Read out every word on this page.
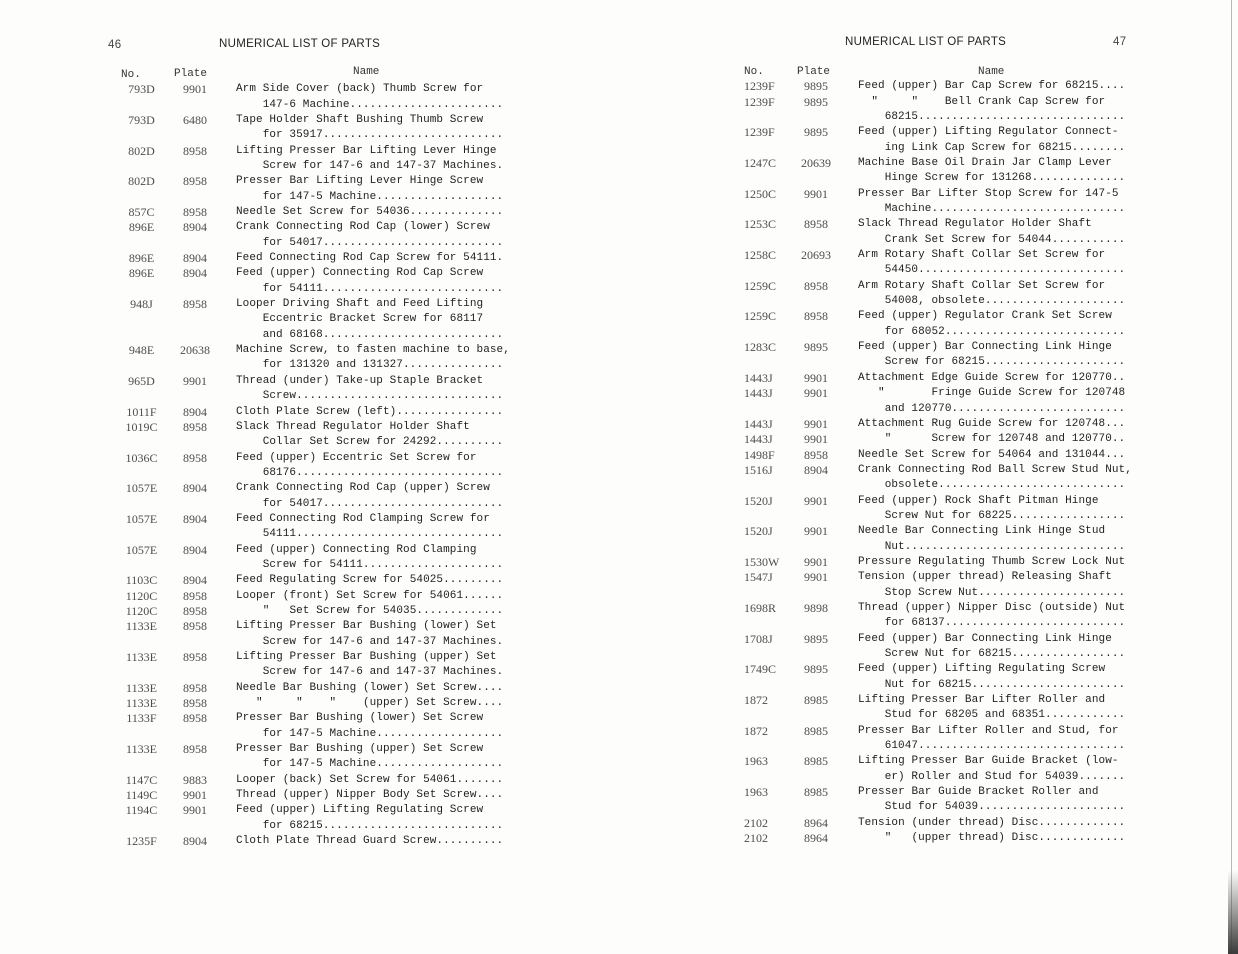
46	NUMERICAL LIST OF PARTS
No.	Plate	Name
793D	9901	Arm Side Cover (back) Thumb Screw for
147-6 Machine.......................
793D	6480	Tape Holder Shaft Bushing Thumb Screw
for 35917...........................
802D	8958	Lifting Presser Bar Lifting Lever Hinge
Screw for 147-6 and 147-37 Machines.
802D	8958	Presser Bar Lifting Lever Hinge Screw
for 147-5 Machine...................
857C	8958	Needle Set Screw for 54036..............
896E	8904	Crank Connecting Rod Cap (lower) Screw
for 54017...........................
896E	8904	Feed Connecting Rod Cap Screw for 54111.
896E	8904	Feed (upper) Connecting Rod Cap Screw
for 54111...........................
948J	8958	Looper Driving Shaft and Feed Lifting
Eccentric Bracket Screw for 68117
and 68168...........................
948E	20638	Machine Screw, to fasten machine to base,
for 131320 and 131327...............
965D	9901	Thread (under) Take-up Staple Bracket
Screw...............................
1011F	8904	Cloth Plate Screw (left)................
1019C	8958	Slack Thread Regulator Holder Shaft
Collar Set Screw for 24292..........
1036C	8958	Feed (upper) Eccentric Set Screw for
68176...............................
1057E	8904	Crank Connecting Rod Cap (upper) Screw
for 54017...........................
1057E	8904	Feed Connecting Rod Clamping Screw for
54111...............................
1057E	8904	Feed (upper) Connecting Rod Clamping
Screw for 54111.....................
1103C	8904	Feed Regulating Screw for 54025.........
1120C	8958	Looper (front) Set Screw for 54061......
1120C	8958	"   Set Screw for 54035.............
1133E	8958	Lifting Presser Bar Bushing (lower) Set
Screw for 147-6 and 147-37 Machines.
1133E	8958	Lifting Presser Bar Bushing (upper) Set
Screw for 147-6 and 147-37 Machines.
1133E	8958	Needle Bar Bushing (lower) Set Screw....
1133E	8958	"     "    "    (upper) Set Screw....
1133F	8958	Presser Bar Bushing (lower) Set Screw
for 147-5 Machine...................
1133E	8958	Presser Bar Bushing (upper) Set Screw
for 147-5 Machine...................
1147C	9883	Looper (back) Set Screw for 54061.......
1149C	9901	Thread (upper) Nipper Body Set Screw....
1194C	9901	Feed (upper) Lifting Regulating Screw
for 68215...........................
1235F	8904	Cloth Plate Thread Guard Screw..........
NUMERICAL LIST OF PARTS	47
No.	Plate	Name
1239F	9895	Feed (upper) Bar Cap Screw for 68215....
1239F	9895	"     "    Bell Crank Cap Screw for
68215...............................
1239F	9895	Feed (upper) Lifting Regulator Connect-
ing Link Cap Screw for 68215........
1247C	20639	Machine Base Oil Drain Jar Clamp Lever
Hinge Screw for 131268..............
1250C	9901	Presser Bar Lifter Stop Screw for 147-5
Machine.............................
1253C	8958	Slack Thread Regulator Holder Shaft
Crank Set Screw for 54044...........
1258C	20693	Arm Rotary Shaft Collar Set Screw for
54450...............................
1259C	8958	Arm Rotary Shaft Collar Set Screw for
54008, obsolete.....................
1259C	8958	Feed (upper) Regulator Crank Set Screw
for 68052...........................
1283C	9895	Feed (upper) Bar Connecting Link Hinge
Screw for 68215.....................
1443J	9901	Attachment Edge Guide Screw for 120770..
1443J	9901	"       Fringe Guide Screw for 120748
and 120770..........................
1443J	9901	Attachment Rug Guide Screw for 120748...
1443J	9901	"      Screw for 120748 and 120770..
1498F	8958	Needle Set Screw for 54064 and 131044...
1516J	8904	Crank Connecting Rod Ball Screw Stud Nut,
obsolete............................
1520J	9901	Feed (upper) Rock Shaft Pitman Hinge
Screw Nut for 68225.................
1520J	9901	Needle Bar Connecting Link Hinge Stud
Nut.................................
1530W	9901	Pressure Regulating Thumb Screw Lock Nut
1547J	9901	Tension (upper thread) Releasing Shaft
Stop Screw Nut......................
1698R	9898	Thread (upper) Nipper Disc (outside) Nut
for 68137...........................
1708J	9895	Feed (upper) Bar Connecting Link Hinge
Screw Nut for 68215.................
1749C	9895	Feed (upper) Lifting Regulating Screw
Nut for 68215.......................
1872	8985	Lifting Presser Bar Lifter Roller and
Stud for 68205 and 68351............
1872	8985	Presser Bar Lifter Roller and Stud, for
61047...............................
1963	8985	Lifting Presser Bar Guide Bracket (low-
er) Roller and Stud for 54039.......
1963	8985	Presser Bar Guide Bracket Roller and
Stud for 54039......................
2102	8964	Tension (under thread) Disc.............
2102	8964	"   (upper thread) Disc.............
